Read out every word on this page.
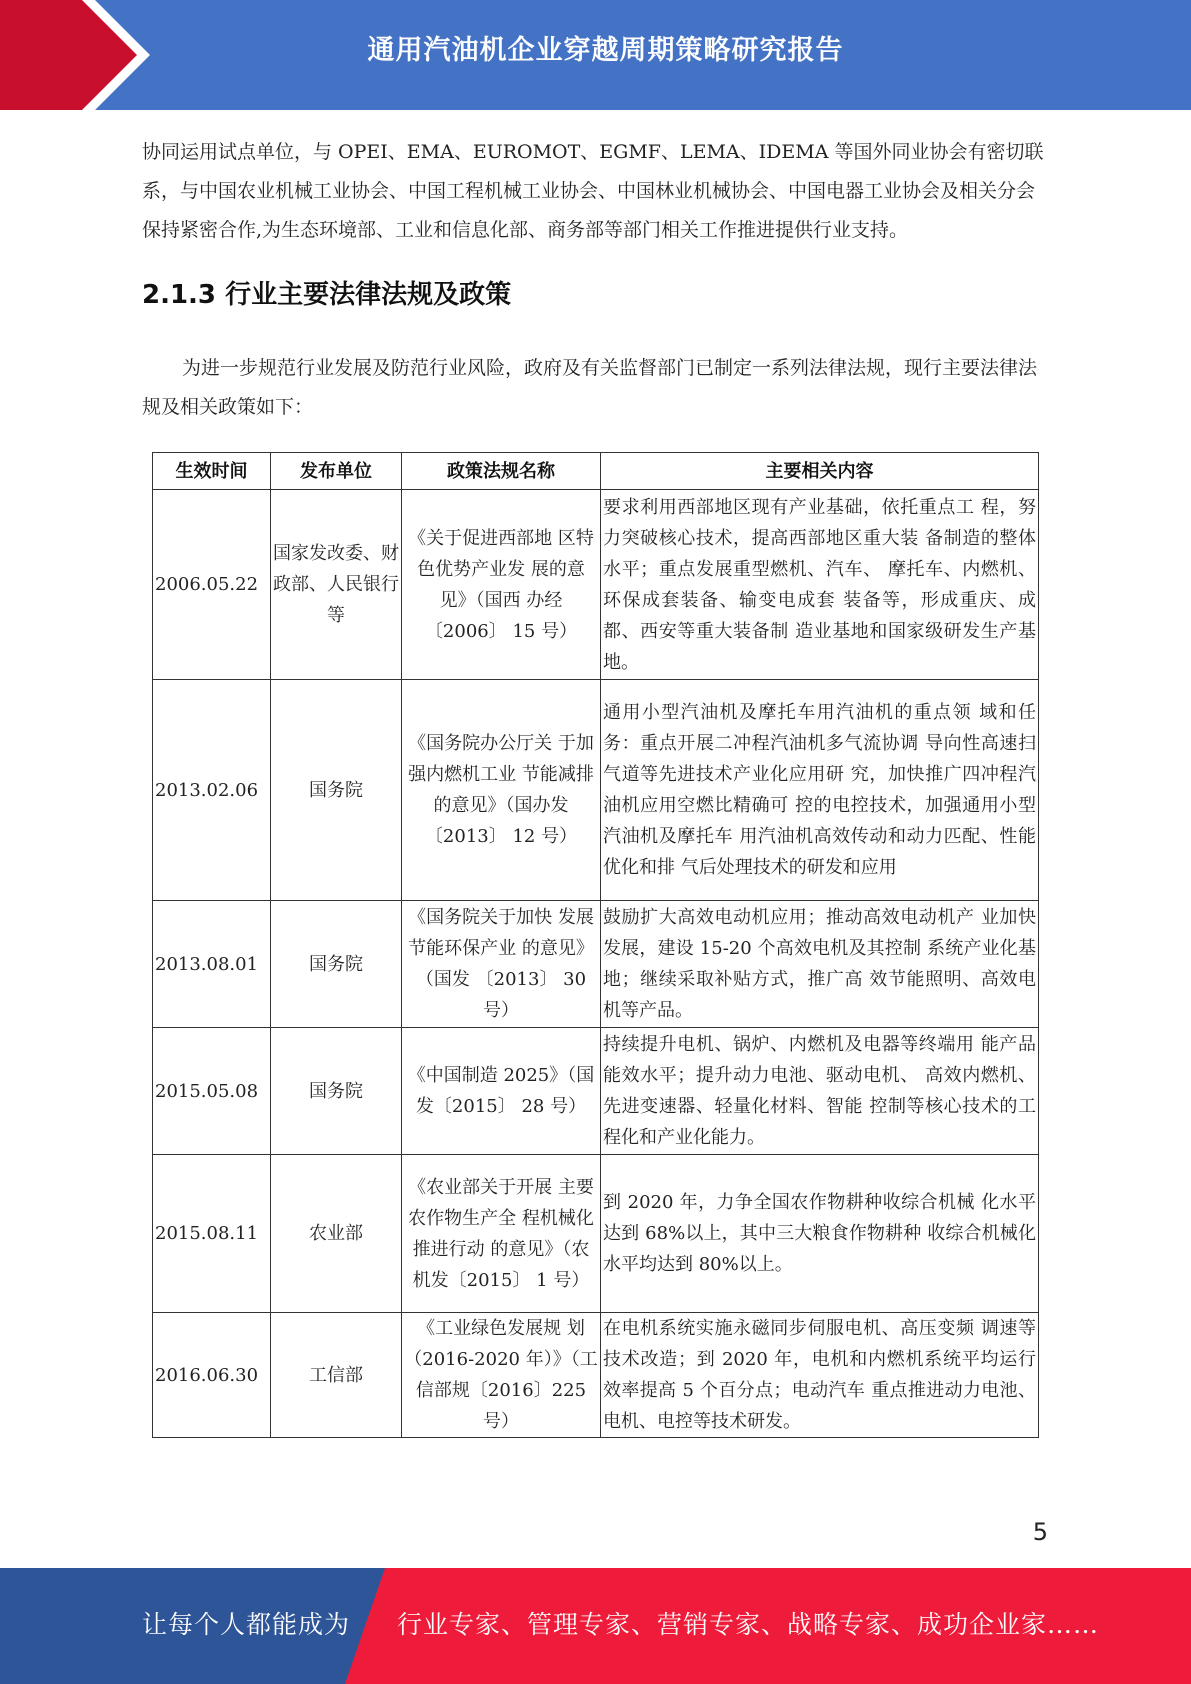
通用汽油机企业穿越周期策略研究报告

协同运用试点单位，与 OPEI、EMA、EUROMOT、EGMF、LEMA、IDEMA 等国外同业协会有密切联系，与中国农业机械工业协会、中国工程机械工业协会、中国林业机械协会、中国电器工业协会及相关分会保持紧密合作,为生态环境部、工业和信息化部、商务部等部门相关工作推进提供行业支持。

2.1.3 行业主要法律法规及政策

为进一步规范行业发展及防范行业风险，政府及有关监督部门已制定一系列法律法规，现行主要法律法规及相关政策如下：

生效时间	发布单位	政策法规名称	主要相关内容
2006.05.22	国家发改委、财政部、人民银行等	《关于促进西部地 区特色优势产业发 展的意见》（国西 办经〔2006〕 15 号）	要求利用西部地区现有产业基础，依托重点工 程，努力突破核心技术，提高西部地区重大装 备制造的整体水平；重点发展重型燃机、汽车、 摩托车、内燃机、环保成套装备、输变电成套 装备等，形成重庆、成都、西安等重大装备制 造业基地和国家级研发生产基地。
2013.02.06	国务院	《国务院办公厅关 于加强内燃机工业 节能减排的意见》（国办发〔2013〕 12 号）	通用小型汽油机及摩托车用汽油机的重点领 域和任务：重点开展二冲程汽油机多气流协调 导向性高速扫气道等先进技术产业化应用研 究，加快推广四冲程汽油机应用空燃比精确可 控的电控技术，加强通用小型汽油机及摩托车 用汽油机高效传动和动力匹配、性能优化和排 气后处理技术的研发和应用
2013.08.01	国务院	《国务院关于加快 发展节能环保产业 的意见》（国发 〔2013〕 30 号）	鼓励扩大高效电动机应用；推动高效电动机产 业加快发展，建设 15-20 个高效电机及其控制 系统产业化基地；继续采取补贴方式，推广高 效节能照明、高效电机等产品。
2015.05.08	国务院	《中国制造 2025》（国发〔2015〕 28 号）	持续提升电机、锅炉、内燃机及电器等终端用 能产品能效水平；提升动力电池、驱动电机、 高效内燃机、先进变速器、轻量化材料、智能 控制等核心技术的工程化和产业化能力。
2015.08.11	农业部	《农业部关于开展 主要农作物生产全 程机械化推进行动 的意见》（农机发〔2015〕 1 号）	到 2020 年，力争全国农作物耕种收综合机械 化水平达到 68%以上，其中三大粮食作物耕种 收综合机械化水平均达到 80%以上。
2016.06.30	工信部	《工业绿色发展规 划（2016-2020 年）》（工信部规〔2016〕225 号）	在电机系统实施永磁同步伺服电机、高压变频 调速等技术改造；到 2020 年，电机和内燃机系统平均运行效率提高 5 个百分点；电动汽车 重点推进动力电池、电机、电控等技术研发。
5
让每个人都能成为 行业专家、管理专家、营销专家、战略专家、成功企业家……
